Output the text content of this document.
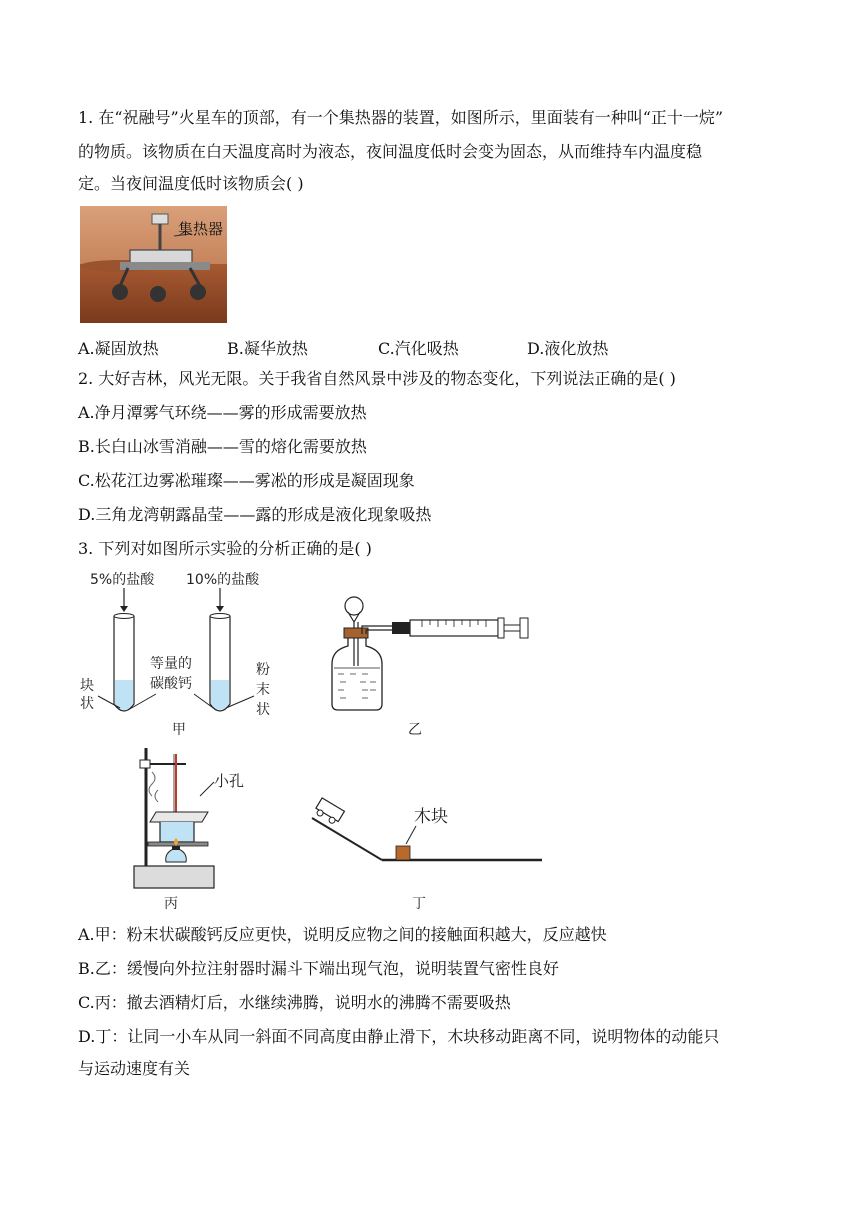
1. 在“祝融号”火星车的顶部，有一个集热器的装置，如图所示，里面装有一种叫“正十一烷”
的物质。该物质在白天温度高时为液态，夜间温度低时会变为固态，从而维持车内温度稳
定。当夜间温度低时该物质会( )
集热器
A.凝固放热	B.凝华放热	C.汽化吸热	D.液化放热
2. 大好吉林，风光无限。关于我省自然风景中涉及的物态变化，下列说法正确的是( )
A.净月潭雾气环绕——雾的形成需要放热
B.长白山冰雪消融——雪的熔化需要放热
C.松花江边雾凇璀璨——雾凇的形成是凝固现象
D.三角龙湾朝露晶莹——露的形成是液化现象吸热
3. 下列对如图所示实验的分析正确的是( )
5%的盐酸 10%的盐酸
等量的
碳酸钙
块
状
粉
末
状
甲	乙
小孔
丙
木块
丁
A.甲：粉末状碳酸钙反应更快，说明反应物之间的接触面积越大，反应越快
B.乙：缓慢向外拉注射器时漏斗下端出现气泡，说明装置气密性良好
C.丙：撤去酒精灯后，水继续沸腾，说明水的沸腾不需要吸热
D.丁：让同一小车从同一斜面不同高度由静止滑下，木块移动距离不同，说明物体的动能只
与运动速度有关
